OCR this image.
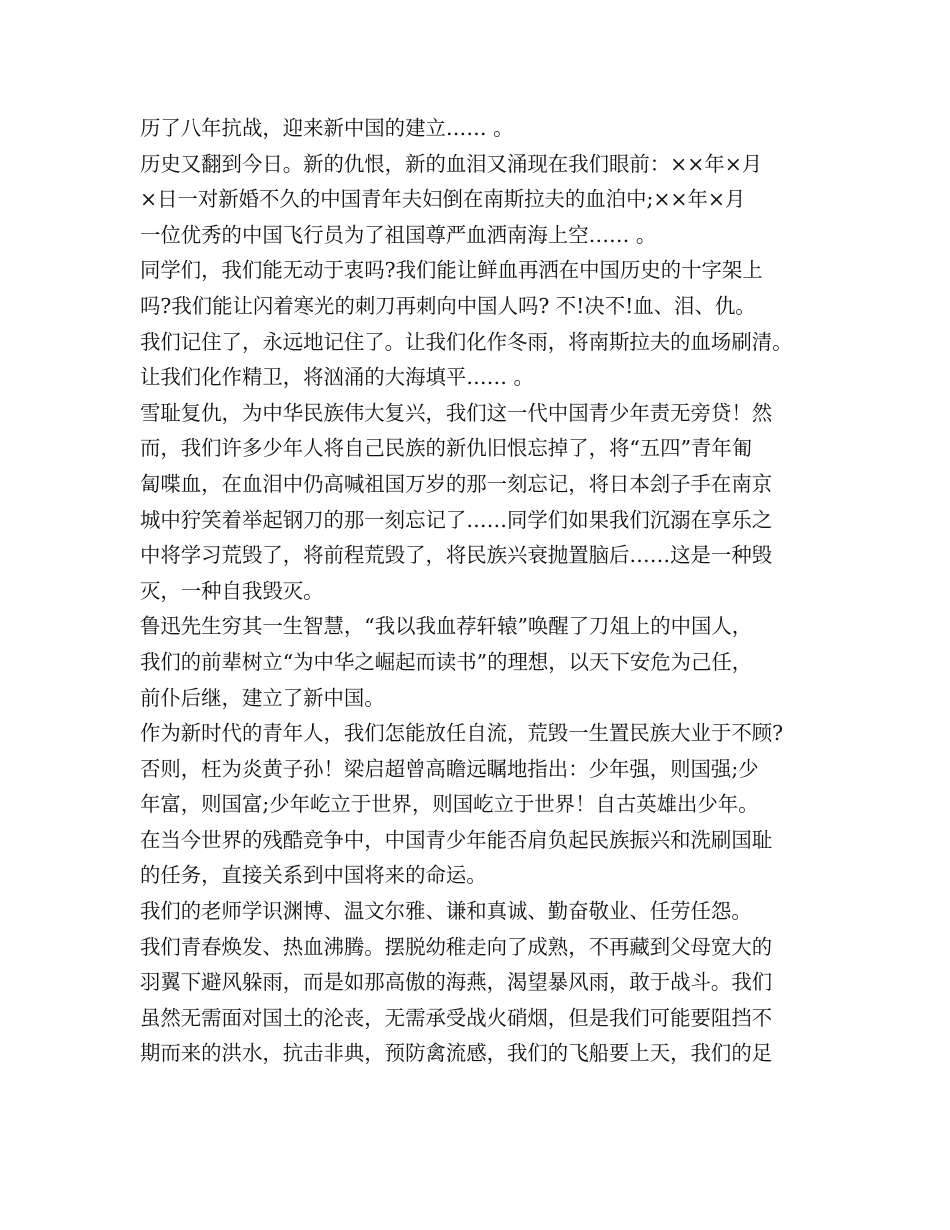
历了八年抗战，迎来新中国的建立…… 。
历史又翻到今日。新的仇恨，新的血泪又涌现在我们眼前：××年×月
×日一对新婚不久的中国青年夫妇倒在南斯拉夫的血泊中;××年×月
一位优秀的中国飞行员为了祖国尊严血洒南海上空…… 。
同学们，我们能无动于衷吗?我们能让鲜血再洒在中国历史的十字架上
吗?我们能让闪着寒光的刺刀再刺向中国人吗? 不!决不!血、泪、仇。
我们记住了，永远地记住了。让我们化作冬雨，将南斯拉夫的血场刷清。
让我们化作精卫，将汹涌的大海填平…… 。
雪耻复仇，为中华民族伟大复兴，我们这一代中国青少年责无旁贷！然
而，我们许多少年人将自己民族的新仇旧恨忘掉了，将“五四”青年匍
匐喋血，在血泪中仍高喊祖国万岁的那一刻忘记，将日本刽子手在南京
城中狞笑着举起钢刀的那一刻忘记了……同学们如果我们沉溺在享乐之
中将学习荒毁了，将前程荒毁了，将民族兴衰抛置脑后……这是一种毁
灭，一种自我毁灭。
鲁迅先生穷其一生智慧，“我以我血荐轩辕”唤醒了刀俎上的中国人，
我们的前辈树立“为中华之崛起而读书”的理想，以天下安危为己任，
前仆后继，建立了新中国。
作为新时代的青年人，我们怎能放任自流，荒毁一生置民族大业于不顾?
否则，枉为炎黄子孙！梁启超曾高瞻远瞩地指出：少年强，则国强;少
年富，则国富;少年屹立于世界，则国屹立于世界！自古英雄出少年。
在当今世界的残酷竞争中，中国青少年能否肩负起民族振兴和洗刷国耻
的任务，直接关系到中国将来的命运。
我们的老师学识渊博、温文尔雅、谦和真诚、勤奋敬业、任劳任怨。
我们青春焕发、热血沸腾。摆脱幼稚走向了成熟，不再藏到父母宽大的
羽翼下避风躲雨，而是如那高傲的海燕，渴望暴风雨，敢于战斗。我们
虽然无需面对国土的沦丧，无需承受战火硝烟，但是我们可能要阻挡不
期而来的洪水，抗击非典，预防禽流感，我们的飞船要上天，我们的足
